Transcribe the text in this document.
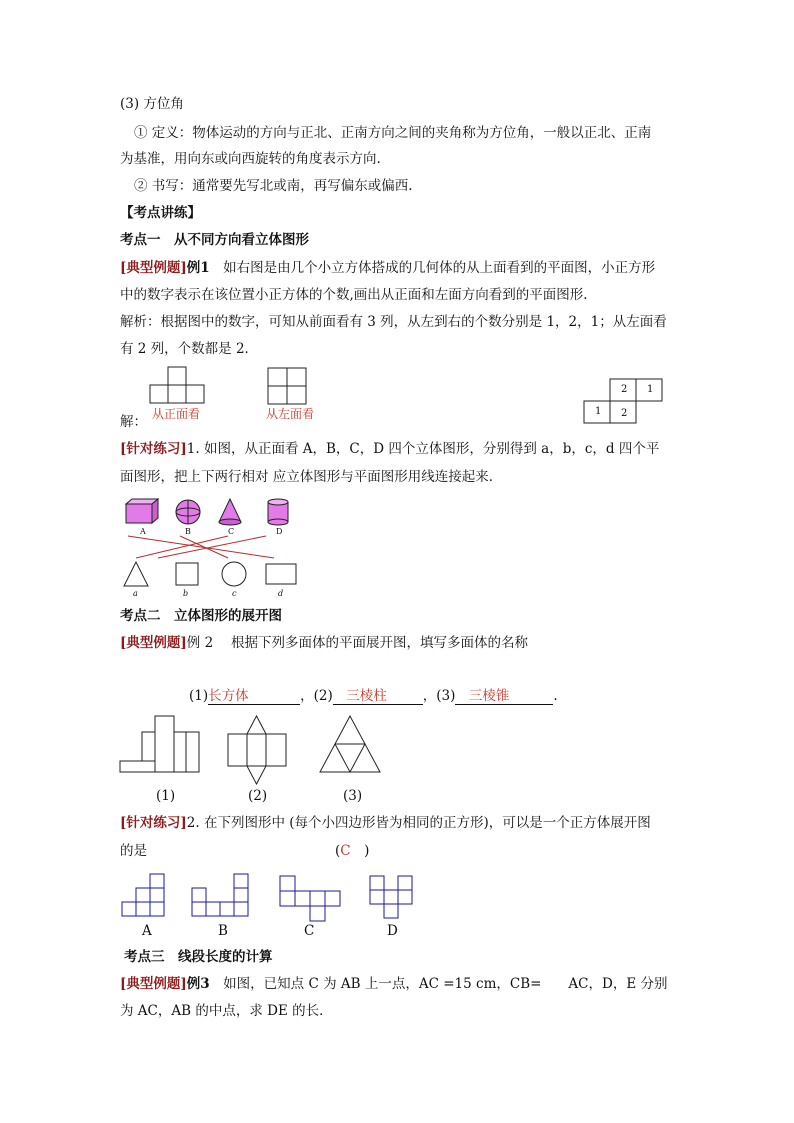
(3) 方位角
① 定义：物体运动的方向与正北、正南方向之间的夹角称为方位角，一般以正北、正南
为基准，用向东或向西旋转的角度表示方向.
② 书写：通常要先写北或南，再写偏东或偏西.
【考点讲练】
考点一　从不同方向看立体图形
[典型例题]例1　如右图是由几个小立方体搭成的几何体的从上面看到的平面图，小正方形
中的数字表示在该位置小正方体的个数,画出从正面和左面方向看到的平面图形.
解析：根据图中的数字，可知从前面看有 3 列，从左到右的个数分别是 1，2，1；从左面看
有 2 列，个数都是 2．
从正面看	从左面看
解：
2 1
1 2
[针对练习]1. 如图，从正面看 A，B，C，D 四个立体图形，分别得到 a，b，c，d 四个平
面图形，把上下两行相对 应立体图形与平面图形用线连接起来．
A	B	C	D
a	b	c	d
考点二　立体图形的展开图
[典型例题]例 2　 根据下列多面体的平面展开图，填写多面体的名称
(1)长方体	，(2)  三棱柱	，(3)  三棱锥	.
(1)	(2)	(3)
[针对练习]2. 在下列图形中 (每个小四边形皆为相同的正方形)，可以是一个正方体展开图
的是	(C　)
A	B	C	D
考点三　线段长度的计算
[典型例题]例3　如图，已知点 C 为 AB 上一点，AC =15 cm，CB=　　AC，D，E 分别
为 AC，AB 的中点，求 DE 的长．
